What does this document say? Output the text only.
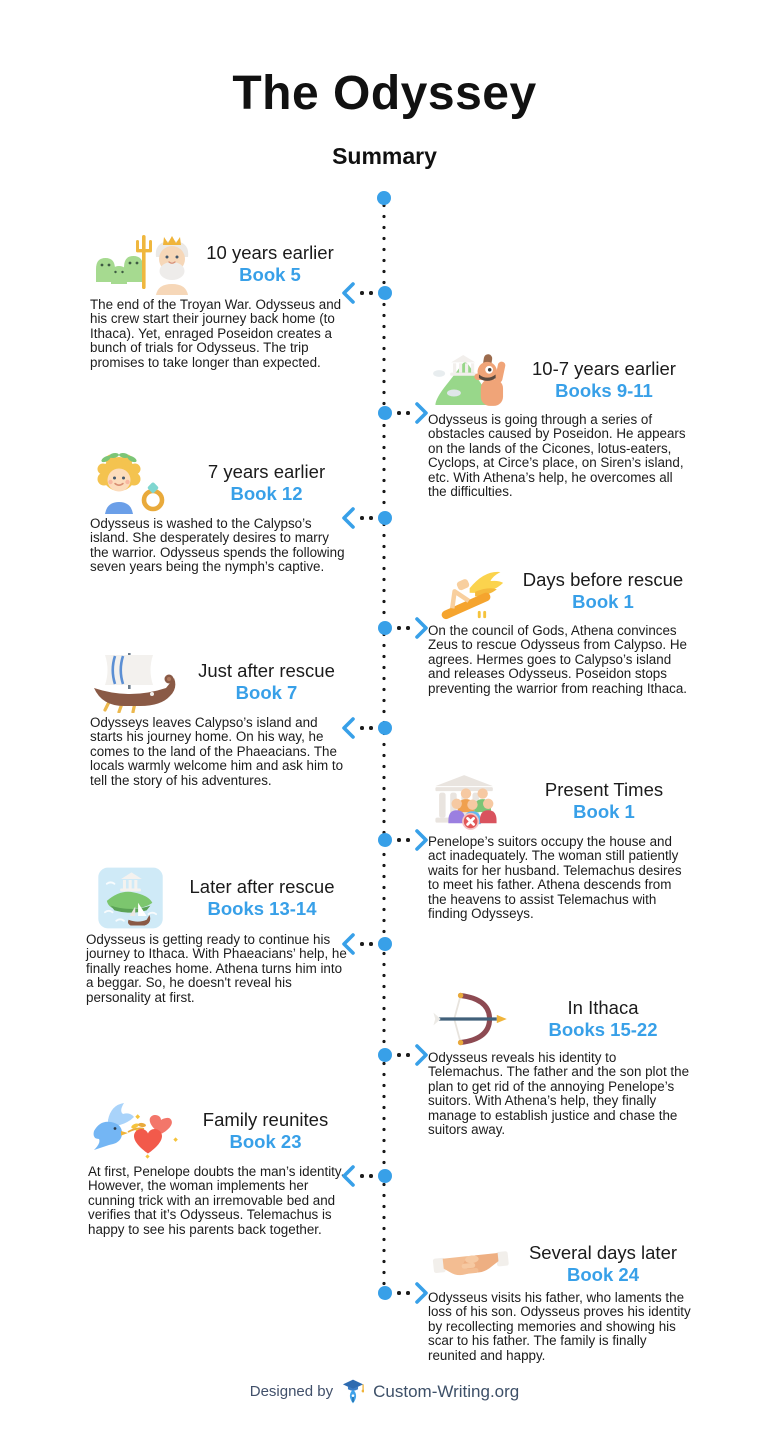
The Odyssey
Summary
10 years earlier
Book 5

The end of the Troyan War. Odysseus and his crew start their journey back home (to Ithaca). Yet, enraged Poseidon creates a bunch of trials for Odysseus. The trip promises to take longer than expected.	10-7 years earlier
Books 9-11

Odysseus is going through a series of obstacles caused by Poseidon. He appears on the lands of the Cicones, lotus-eaters, Cyclops, at Circe’s place, on Siren’s island, etc. With Athena’s help, he overcomes all the difficulties.

7 years earlier
Book 12

Odysseus is washed to the Calypso’s island. She desperately desires to marry the warrior. Odysseus spends the following seven years being the nymph’s captive.

Days before rescue
Book 1

On the council of Gods, Athena convinces Zeus to rescue Odysseus from Calypso. He agrees. Hermes goes to Calypso’s island and releases Odysseus. Poseidon stops preventing the warrior from reaching Ithaca.

Just after rescue
Book 7

Odysseys leaves Calypso’s island and starts his journey home. On his way, he comes to the land of the Phaeacians. The locals warmly welcome him and ask him to tell the story of his adventures.	Present Times
Book 1

Penelope’s suitors occupy the house and act inadequately. The woman still patiently waits for her husband. Telemachus desires to meet his father. Athena descends from the heavens to assist Telemachus with finding Odysseys.

Later after rescue
Books 13-14

Odysseus is getting ready to continue his journey to Ithaca. With Phaeacians’ help, he finally reaches home. Athena turns him into a beggar. So, he doesn't reveal his personality at first.	In Ithaca
Books 15-22

Odysseus reveals his identity to Telemachus. The father and the son plot the plan to get rid of the annoying Penelope’s suitors. With Athena’s help, they finally manage to establish justice and chase the suitors away.

Family reunites
Book 23

At first, Penelope doubts the man’s identity. However, the woman implements her cunning trick with an irremovable bed and verifies that it’s Odysseus. Telemachus is happy to see his parents back together.

Several days later
Book 24

Odysseus visits his father, who laments the loss of his son. Odysseus proves his identity by recollecting memories and showing his scar to his father. The family is finally reunited and happy.

Designed by Custom-Writing.org
